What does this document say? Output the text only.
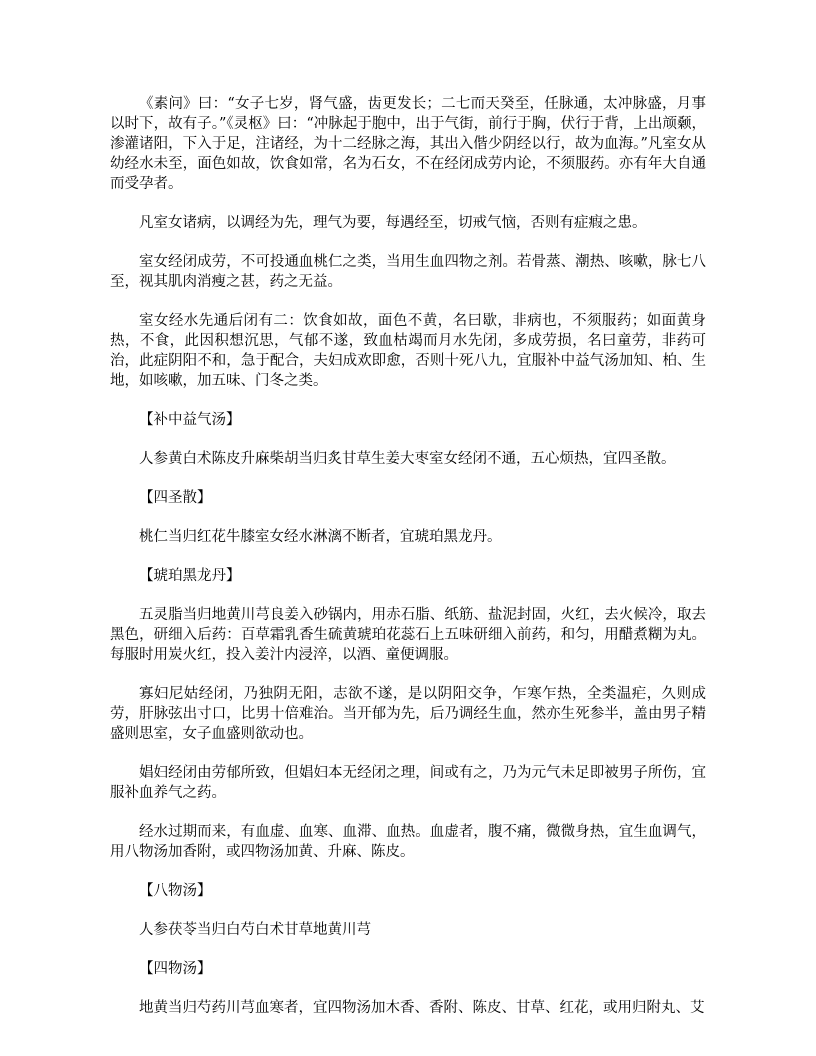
《素问》曰：“女子七岁，肾气盛，齿更发长；二七而天癸至，任脉通，太冲脉盛，月事以时下，故有子。”《灵枢》曰：“冲脉起于胞中，出于气街，前行于胸，伏行于背，上出颃颡，渗灌诸阳，下入于足，注诸经，为十二经脉之海，其出入偕少阴经以行，故为血海。”凡室女从幼经水未至，面色如故，饮食如常，名为石女，不在经闭成劳内论，不须服药。亦有年大自通而受孕者。

凡室女诸病，以调经为先，理气为要，每遇经至，切戒气恼，否则有症瘕之患。

室女经闭成劳，不可投通血桃仁之类，当用生血四物之剂。若骨蒸、潮热、咳嗽，脉七八至，视其肌肉消瘦之甚，药之无益。

室女经水先通后闭有二：饮食如故，面色不黄，名曰歇，非病也，不须服药；如面黄身热，不食，此因积想沉思，气郁不遂，致血枯竭而月水先闭，多成劳损，名曰童劳，非药可治，此症阴阳不和，急于配合，夫妇成欢即愈，否则十死八九，宜服补中益气汤加知、柏、生地，如咳嗽，加五味、门冬之类。

【补中益气汤】

人参黄白术陈皮升麻柴胡当归炙甘草生姜大枣室女经闭不通，五心烦热，宜四圣散。

【四圣散】

桃仁当归红花牛膝室女经水淋漓不断者，宜琥珀黑龙丹。

【琥珀黑龙丹】

五灵脂当归地黄川芎良姜入砂锅内，用赤石脂、纸筋、盐泥封固，火红，去火候冷，取去黑色，研细入后药：百草霜乳香生硫黄琥珀花蕊石上五味研细入前药，和匀，用醋煮糊为丸。每服时用炭火红，投入姜汁内浸淬，以酒、童便调服。

寡妇尼姑经闭，乃独阴无阳，志欲不遂，是以阴阳交争，乍寒乍热，全类温疟，久则成劳，肝脉弦出寸口，比男十倍难治。当开郁为先，后乃调经生血，然亦生死参半，盖由男子精盛则思室，女子血盛则欲动也。

娼妇经闭由劳郁所致，但娼妇本无经闭之理，间或有之，乃为元气未足即被男子所伤，宜服补血养气之药。

经水过期而来，有血虚、血寒、血滞、血热。血虚者，腹不痛，微微身热，宜生血调气，用八物汤加香附，或四物汤加黄、升麻、陈皮。

【八物汤】

人参茯苓当归白芍白术甘草地黄川芎

【四物汤】

地黄当归芍药川芎血寒者，宜四物汤加木香、香附、陈皮、甘草、红花，或用归附丸、艾
